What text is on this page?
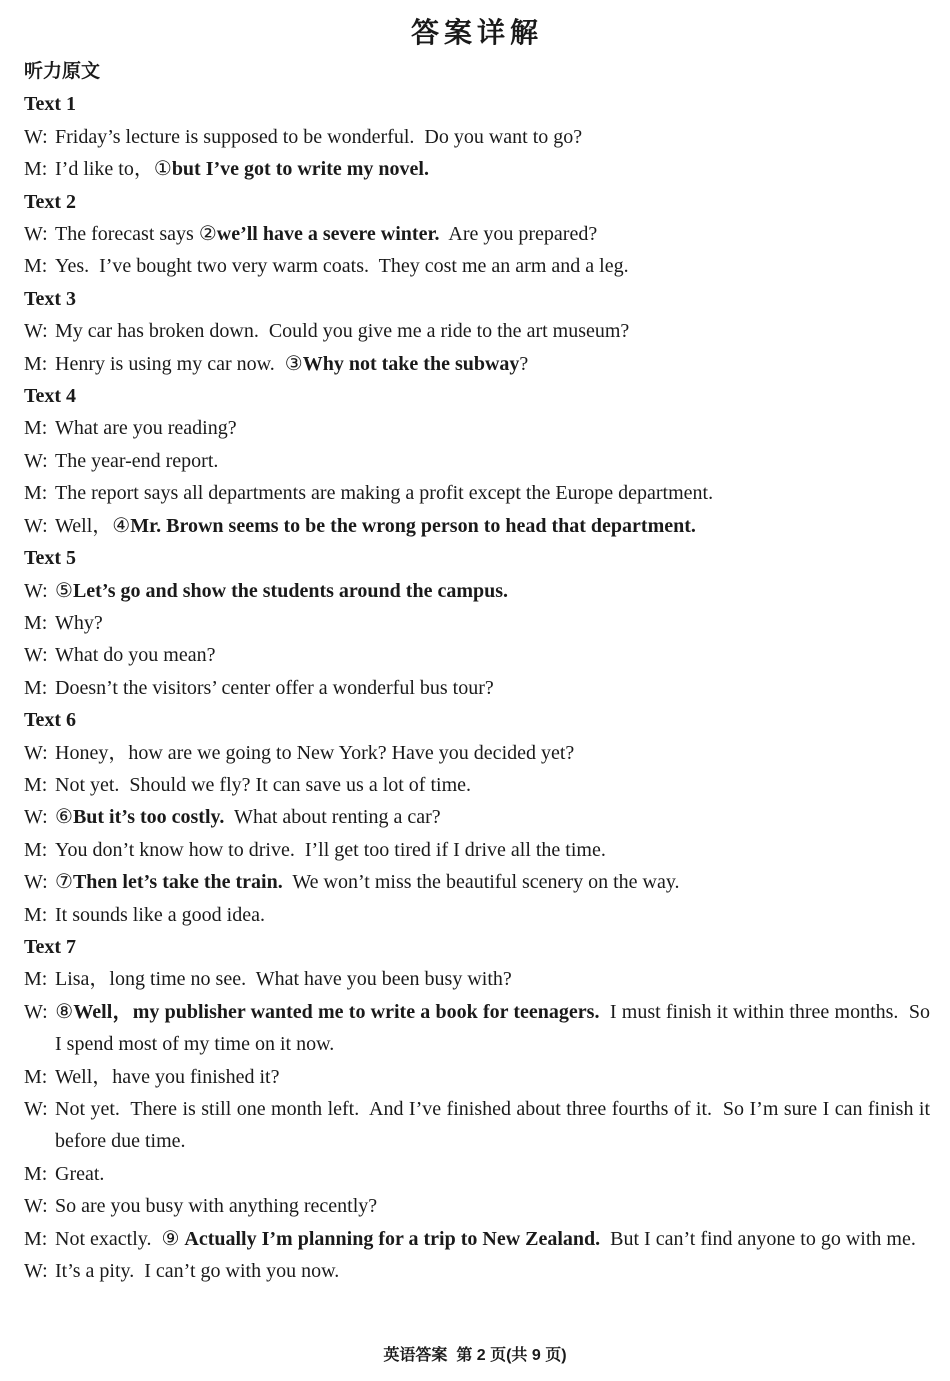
答案详解
听力原文
Text 1

W: Friday’s lecture is supposed to be wonderful.  Do you want to go?

M: I’d like to，①but I’ve got to write my novel.

Text 2

W: The forecast says ②we’ll have a severe winter.  Are you prepared?

M: Yes.  I’ve bought two very warm coats.  They cost me an arm and a leg.

Text 3

W: My car has broken down.  Could you give me a ride to the art museum?

M: Henry is using my car now.  ③Why not take the subway?

Text 4

M: What are you reading?

W: The year-end report.

M: The report says all departments are making a profit except the Europe department.

W: Well，④Mr. Brown seems to be the wrong person to head that department.

Text 5

W: ⑤Let’s go and show the students around the campus.

M: Why?

W: What do you mean?

M: Doesn’t the visitors’ center offer a wonderful bus tour?

Text 6

W: Honey，how are we going to New York? Have you decided yet?

M: Not yet.  Should we fly? It can save us a lot of time.

W: ⑥But it’s too costly.  What about renting a car?

M: You don’t know how to drive.  I’ll get too tired if I drive all the time.

W: ⑦Then let’s take the train.  We won’t miss the beautiful scenery on the way.

M: It sounds like a good idea.

Text 7

M: Lisa，long time no see.  What have you been busy with?

W: ⑧Well，my publisher wanted me to write a book for teenagers.  I must finish it within three months.  So I spend most of my time on it now.

M: Well，have you finished it?

W: Not yet.  There is still one month left.  And I’ve finished about three fourths of it.  So I’m sure I can finish it before due time.

M: Great.

W: So are you busy with anything recently?

M: Not exactly.  ⑨ Actually I’m planning for a trip to New Zealand.  But I can’t find anyone to go with me.

W: It’s a pity.  I can’t go with you now.

英语答案  第 2 页(共 9 页)
